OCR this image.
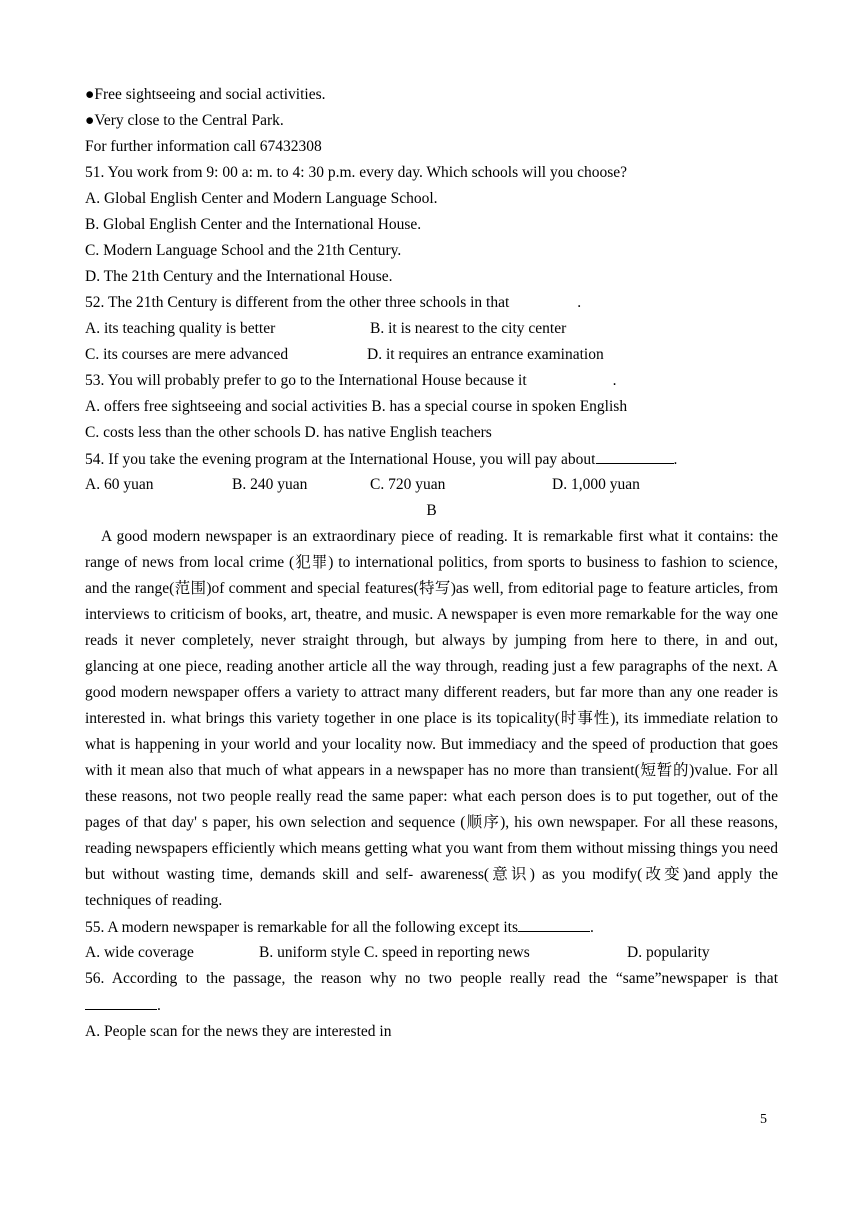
●Free sightseeing and social activities.
●Very close to the Central Park.
For further information call 67432308
51. You work from 9: 00 a: m. to 4: 30 p.m. every day. Which schools will you choose?
A. Global English Center and Modern Language School.
B. Global English Center and the International House.
C. Modern Language School and the 21th Century.
D. The 21th Century and the International House.
52. The 21th Century is different from the other three schools in that	.
A. its teaching quality is better	B. it is nearest to the city center
C. its courses are mere advanced	D. it requires an entrance examination
53. You will probably prefer to go to the International House because it	.
A. offers free sightseeing and social activities B. has a special course in spoken English
C. costs less than the other schools D. has native English teachers
54. If you take the evening program at the International House, you will pay about	.
A. 60 yuan	B. 240 yuan	C. 720 yuan	D. 1,000 yuan
B

A good modern newspaper is an extraordinary piece of reading. It is remarkable first what it contains: the range of news from local crime (犯罪) to international politics, from sports to business to fashion to science, and the range(范围)of comment and special features(特写)as well, from editorial page to feature articles, from interviews to criticism of books, art, theatre, and music. A newspaper is even more remarkable for the way one reads it never completely, never straight through, but always by jumping from here to there, in and out, glancing at one piece, reading another article all the way through, reading just a few paragraphs of the next. A good modern newspaper offers a variety to attract many different readers, but far more than any one reader is interested in. what brings this variety together in one place is its topicality(时事性), its immediate relation to what is happening in your world and your locality now. But immediacy and the speed of production that goes with it mean also that much of what appears in a newspaper has no more than transient(短暂的)value. For all these reasons, not two people really read the same paper: what each person does is to put together, out of the pages of that day' s paper, his own selection and sequence (顺序), his own newspaper. For all these reasons, reading newspapers efficiently which means getting what you want from them without missing things you need but without wasting time, demands skill and self- awareness(意识) as you modify(改变)and apply the techniques of reading.

55. A modern newspaper is remarkable for all the following except its	.
A. wide coverage	B. uniform style C. speed in reporting news	D. popularity

56. According to the passage, the reason why no two people really read the “same”newspaper is that.

A. People scan for the news they are interested in
5
